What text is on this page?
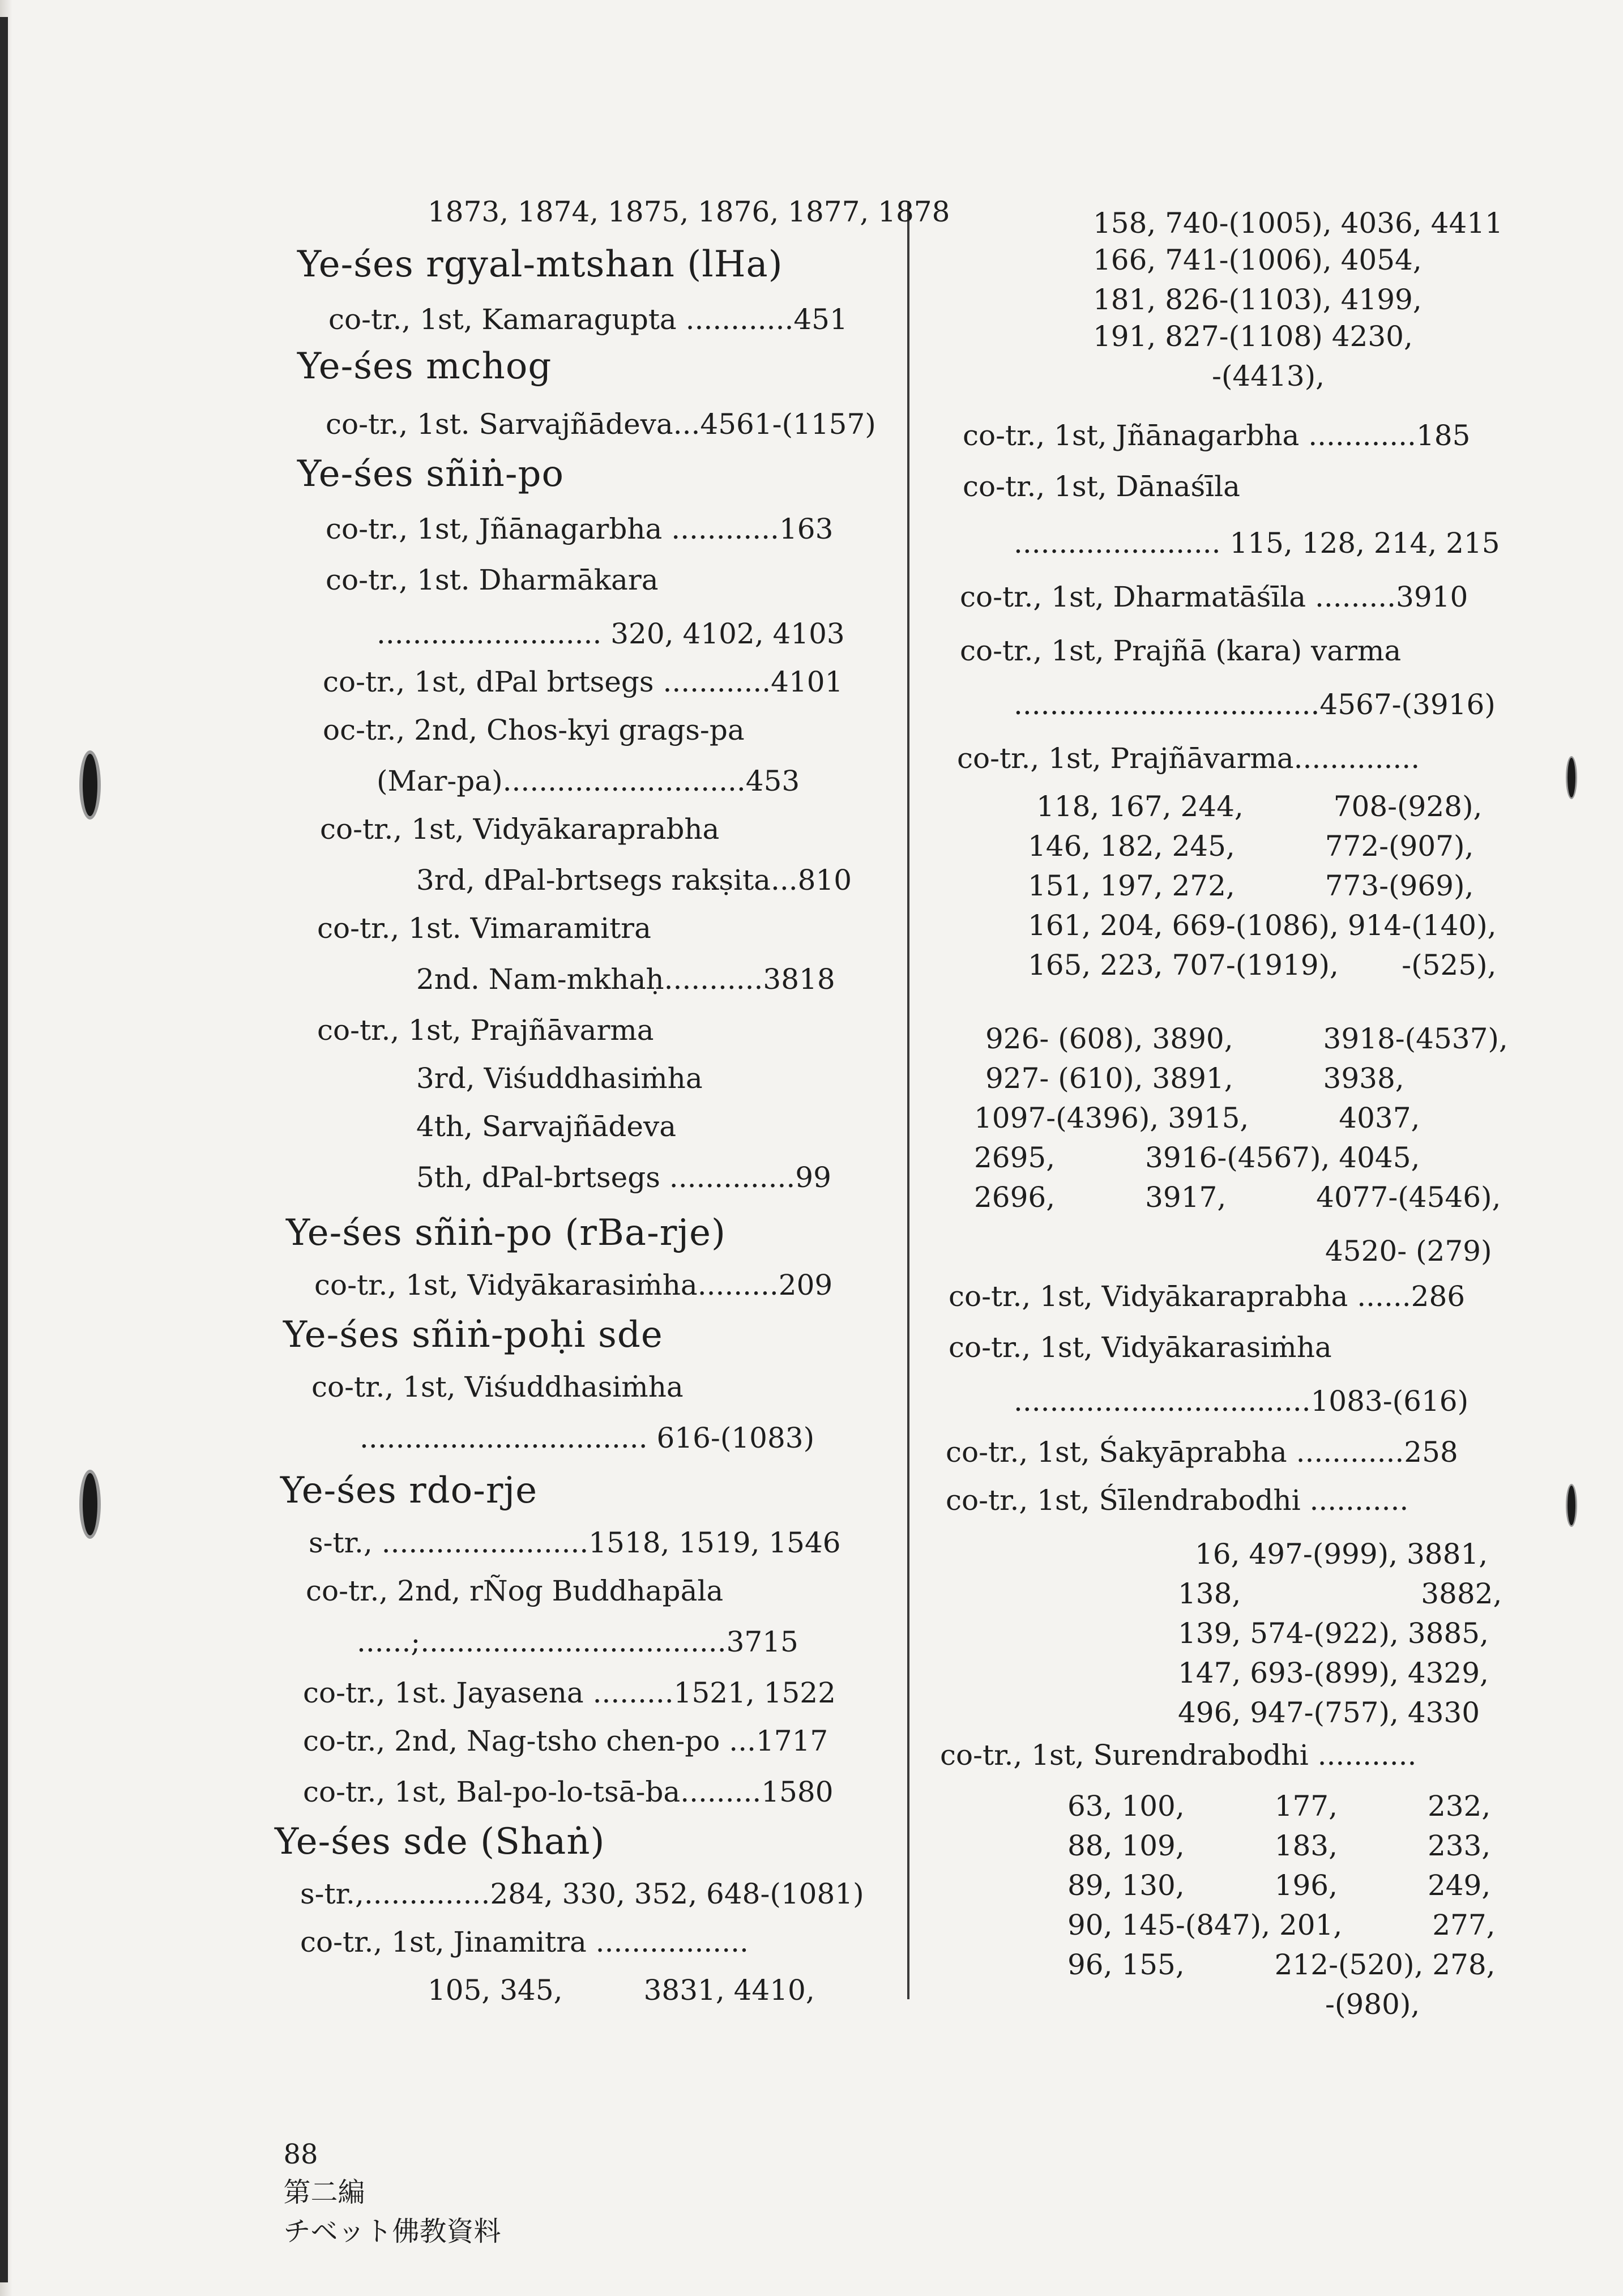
1873, 1874, 1875, 1876, 1877, 1878
Ye-śes rgyal-mtshan (lHa)
co-tr., 1st, Kamaragupta ............451
Ye-śes mchog
co-tr., 1st. Sarvajñādeva...4561-(1157)
Ye-śes sñiṅ-po
co-tr., 1st, Jñānagarbha ............163
co-tr., 1st. Dharmākara
......................... 320, 4102, 4103
co-tr., 1st, dPal brtsegs ............4101
oc-tr., 2nd, Chos-kyi grags-pa
(Mar-pa)...........................453
co-tr., 1st, Vidyākaraprabha
3rd, dPal-brtsegs rakṣita...810
co-tr., 1st. Vimaramitra
2nd. Nam-mkhaḥ...........3818
co-tr., 1st, Prajñāvarma
3rd, Viśuddhasiṁha
4th, Sarvajñādeva
5th, dPal-brtsegs ..............99
Ye-śes sñiṅ-po (rBa-rje)
co-tr., 1st, Vidyākarasiṁha.........209
Ye-śes sñiṅ-poḥi sde
co-tr., 1st, Viśuddhasiṁha
................................ 616-(1083)
Ye-śes rdo-rje
s-tr., .......................1518, 1519, 1546
co-tr., 2nd, rÑog Buddhapāla
......;..................................3715
co-tr., 1st. Jayasena .........1521, 1522
co-tr., 2nd, Nag-tsho chen-po ...1717
co-tr., 1st, Bal-po-lo-tsā-ba.........1580
Ye-śes sde (Shaṅ)
s-tr.,..............284, 330, 352, 648-(1081)
co-tr., 1st, Jinamitra .................
105, 345,         3831, 4410,
158, 740-(1005), 4036, 4411
166, 741-(1006), 4054,
181, 826-(1103), 4199,
191, 827-(1108) 4230,
-(4413),
co-tr., 1st, Jñānagarbha ............185
co-tr., 1st, Dānaśīla
....................... 115, 128, 214, 215
co-tr., 1st, Dharmatāśīla .........3910
co-tr., 1st, Prajñā (kara) varma
..................................4567-(3916)
co-tr., 1st, Prajñāvarma..............
118, 167, 244,          708-(928),
146, 182, 245,          772-(907),
151, 197, 272,          773-(969),
161, 204, 669-(1086), 914-(140),
165, 223, 707-(1919),       -(525),
926- (608), 3890,          3918-(4537),
927- (610), 3891,          3938,
1097-(4396), 3915,          4037,
2695,          3916-(4567), 4045,
2696,          3917,          4077-(4546),
4520- (279)
co-tr., 1st, Vidyākaraprabha ......286
co-tr., 1st, Vidyākarasiṁha
.................................1083-(616)
co-tr., 1st, Śakyāprabha ............258
co-tr., 1st, Śīlendrabodhi ...........
16, 497-(999), 3881,
138,                    3882,
139, 574-(922), 3885,
147, 693-(899), 4329,
496, 947-(757), 4330
co-tr., 1st, Surendrabodhi ...........
63, 100,          177,          232,
88, 109,          183,          233,
89, 130,          196,          249,
90, 145-(847), 201,          277,
96, 155,          212-(520), 278,
-(980),

88
第二編
チベット佛教資料
